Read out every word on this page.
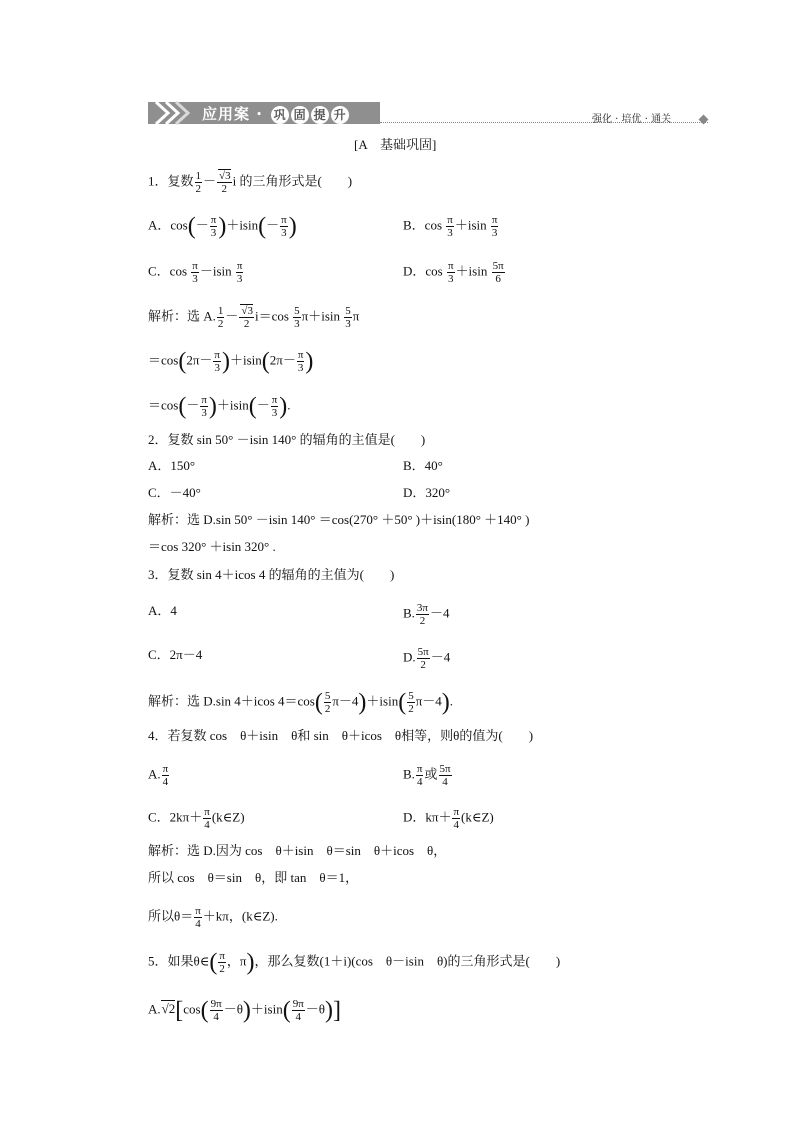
应用案 · 巩 固 提 升	强化 · 培优 · 通关
[A　基础巩固]
1．复数 $\frac{1}{2} - \frac{√3}{2}$ i 的三角形式是(　　)
A．$\cos(- \frac{\pi}{3} )+isin(- \frac{\pi}{3}$ )	B．$\cos \frac{\pi}{3} +isin \frac{\pi}{3}$
C．$\cos \frac{\pi}{3} -isin \frac{\pi}{3}$	D．$\cos \frac{\pi}{3} +isin \frac{5\pi}{6}$
解析：选 A. $\frac{1}{2} - \frac{√3}{2} i=\cos \frac{5}{3} \pi+isin \frac{5}{3}$ π
$=\cos(2\pi- \frac{\pi}{3} )+isin(2\pi- \frac{\pi}{3}$ )
$=\cos(- \frac{\pi}{3} )+isin(- \frac{\pi}{3}$ ).
2．复数 sin 50° －isin 140° 的辐角的主值是(　　)
A．150°	B．40°
C．－40°	D．320°
解析：选 D.sin 50° －isin 140° ＝cos(270° ＋50° )＋isin(180° ＋140° )
＝cos 320° ＋isin 320° .
3．复数 sin 4＋icos 4 的辐角的主值为(　　)
A．4	B. $\frac{3\pi}{2} -4$
C．2π－4	D. $\frac{5\pi}{2} -4$
解析：选 D.sin 4＋icos $4=\cos( \frac{5}{2} \pi-4)+isin( \frac{5}{2} \pi-4)$.
4．若复数 cos　θ＋isin　θ和 sin　θ＋icos　θ相等，则θ的值为(　　)
A. $\frac{\pi}{4}$	B. $\frac{\pi}{4}$ 或 $\frac{5\pi}{4}$
C．$2k\pi+ \frac{\pi}{4}$ (k∈Z)	D．$k\pi+ \frac{\pi}{4}$ (k∈Z)
解析：选 D.因为 cos　θ＋isin　θ＝sin　θ＋icos　θ，
所以 cos　θ＝sin　θ，即 tan　θ＝1，
所以$\theta= \frac{\pi}{4} +k\pi$，(k∈Z).
5．如果θ∈( $\frac{\pi}{2}$ ，π)，那么复数(1＋i)(cos　θ－isin　θ)的三角形式是(　　)
$A.√2[\cos( \frac{9\pi}{4} -\theta)+isin( \frac{9\pi}{4} -\theta)]$
